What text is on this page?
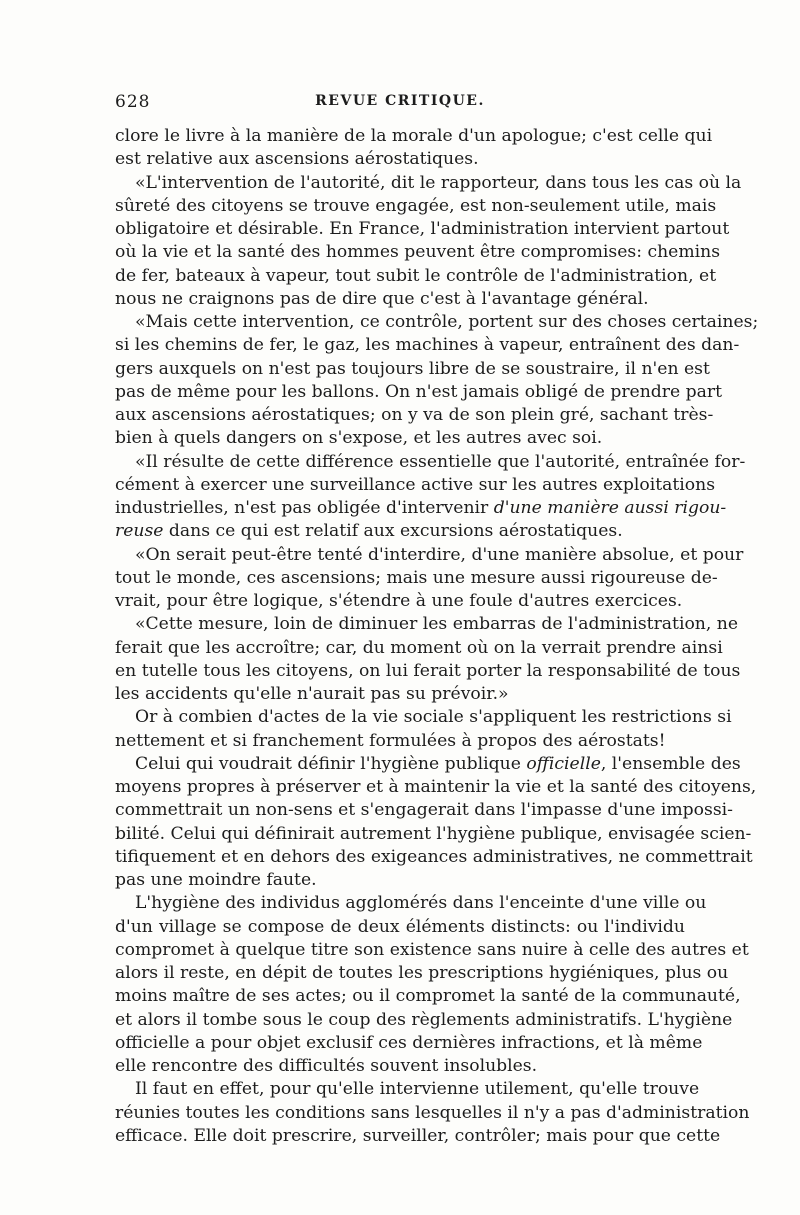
628	REVUE CRITIQUE.
clore le livre à la manière de la morale d'un apologue; c'est celle qui
est relative aux ascensions aérostatiques.
«L'intervention de l'autorité, dit le rapporteur, dans tous les cas où la
sûreté des citoyens se trouve engagée, est non-seulement utile, mais
obligatoire et désirable. En France, l'administration intervient partout
où la vie et la santé des hommes peuvent être compromises: chemins
de fer, bateaux à vapeur, tout subit le contrôle de l'administration, et
nous ne craignons pas de dire que c'est à l'avantage général.
«Mais cette intervention, ce contrôle, portent sur des choses certaines;
si les chemins de fer, le gaz, les machines à vapeur, entraînent des dan-
gers auxquels on n'est pas toujours libre de se soustraire, il n'en est
pas de même pour les ballons. On n'est jamais obligé de prendre part
aux ascensions aérostatiques; on y va de son plein gré, sachant très-
bien à quels dangers on s'expose, et les autres avec soi.
«Il résulte de cette différence essentielle que l'autorité, entraînée for-
cément à exercer une surveillance active sur les autres exploitations
industrielles, n'est pas obligée d'intervenir d'une manière aussi rigou-
reuse dans ce qui est relatif aux excursions aérostatiques.
«On serait peut-être tenté d'interdire, d'une manière absolue, et pour
tout le monde, ces ascensions; mais une mesure aussi rigoureuse de-
vrait, pour être logique, s'étendre à une foule d'autres exercices.
«Cette mesure, loin de diminuer les embarras de l'administration, ne
ferait que les accroître; car, du moment où on la verrait prendre ainsi
en tutelle tous les citoyens, on lui ferait porter la responsabilité de tous
les accidents qu'elle n'aurait pas su prévoir.»
Or à combien d'actes de la vie sociale s'appliquent les restrictions si
nettement et si franchement formulées à propos des aérostats!
Celui qui voudrait définir l'hygiène publique officielle, l'ensemble des
moyens propres à préserver et à maintenir la vie et la santé des citoyens,
commettrait un non-sens et s'engagerait dans l'impasse d'une impossi-
bilité. Celui qui définirait autrement l'hygiène publique, envisagée scien-
tifiquement et en dehors des exigeances administratives, ne commettrait
pas une moindre faute.
L'hygiène des individus agglomérés dans l'enceinte d'une ville ou
d'un village se compose de deux éléments distincts: ou l'individu
compromet à quelque titre son existence sans nuire à celle des autres et
alors il reste, en dépit de toutes les prescriptions hygiéniques, plus ou
moins maître de ses actes; ou il compromet la santé de la communauté,
et alors il tombe sous le coup des règlements administratifs. L'hygiène
officielle a pour objet exclusif ces dernières infractions, et là même
elle rencontre des difficultés souvent insolubles.
Il faut en effet, pour qu'elle intervienne utilement, qu'elle trouve
réunies toutes les conditions sans lesquelles il n'y a pas d'administration
efficace. Elle doit prescrire, surveiller, contrôler; mais pour que cette
